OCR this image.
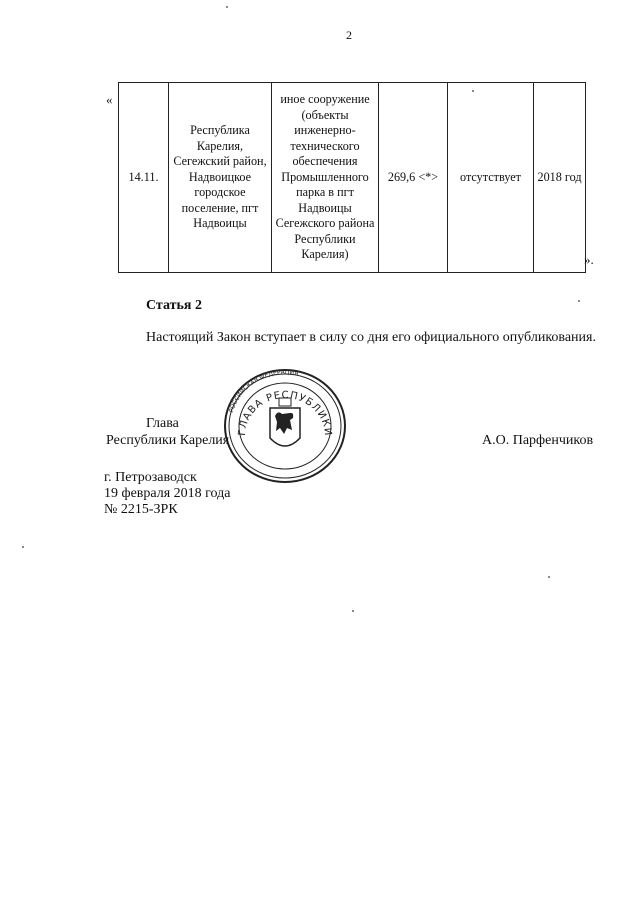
2
«
14.11.	Республика Карелия, Сегежский район, Надвоицкое городское поселение, пгт Надвоицы	иное сооружение (объекты инженерно-технического обеспечения Промышленного парка в пгт Надвоицы Сегежского района Республики Карелия)	269,6 <*>	отсутствует	2018 год
».
Статья 2
Настоящий Закон вступает в силу со дня его официального опубликования.
РОССИЙСКАЯ ФЕДЕРАЦИЯ
ГЛАВА РЕСПУБЛИКИ
Глава
Республики Карелия	А.О. Парфенчиков
г. Петрозаводск
19 февраля 2018 года
№ 2215-ЗРК
